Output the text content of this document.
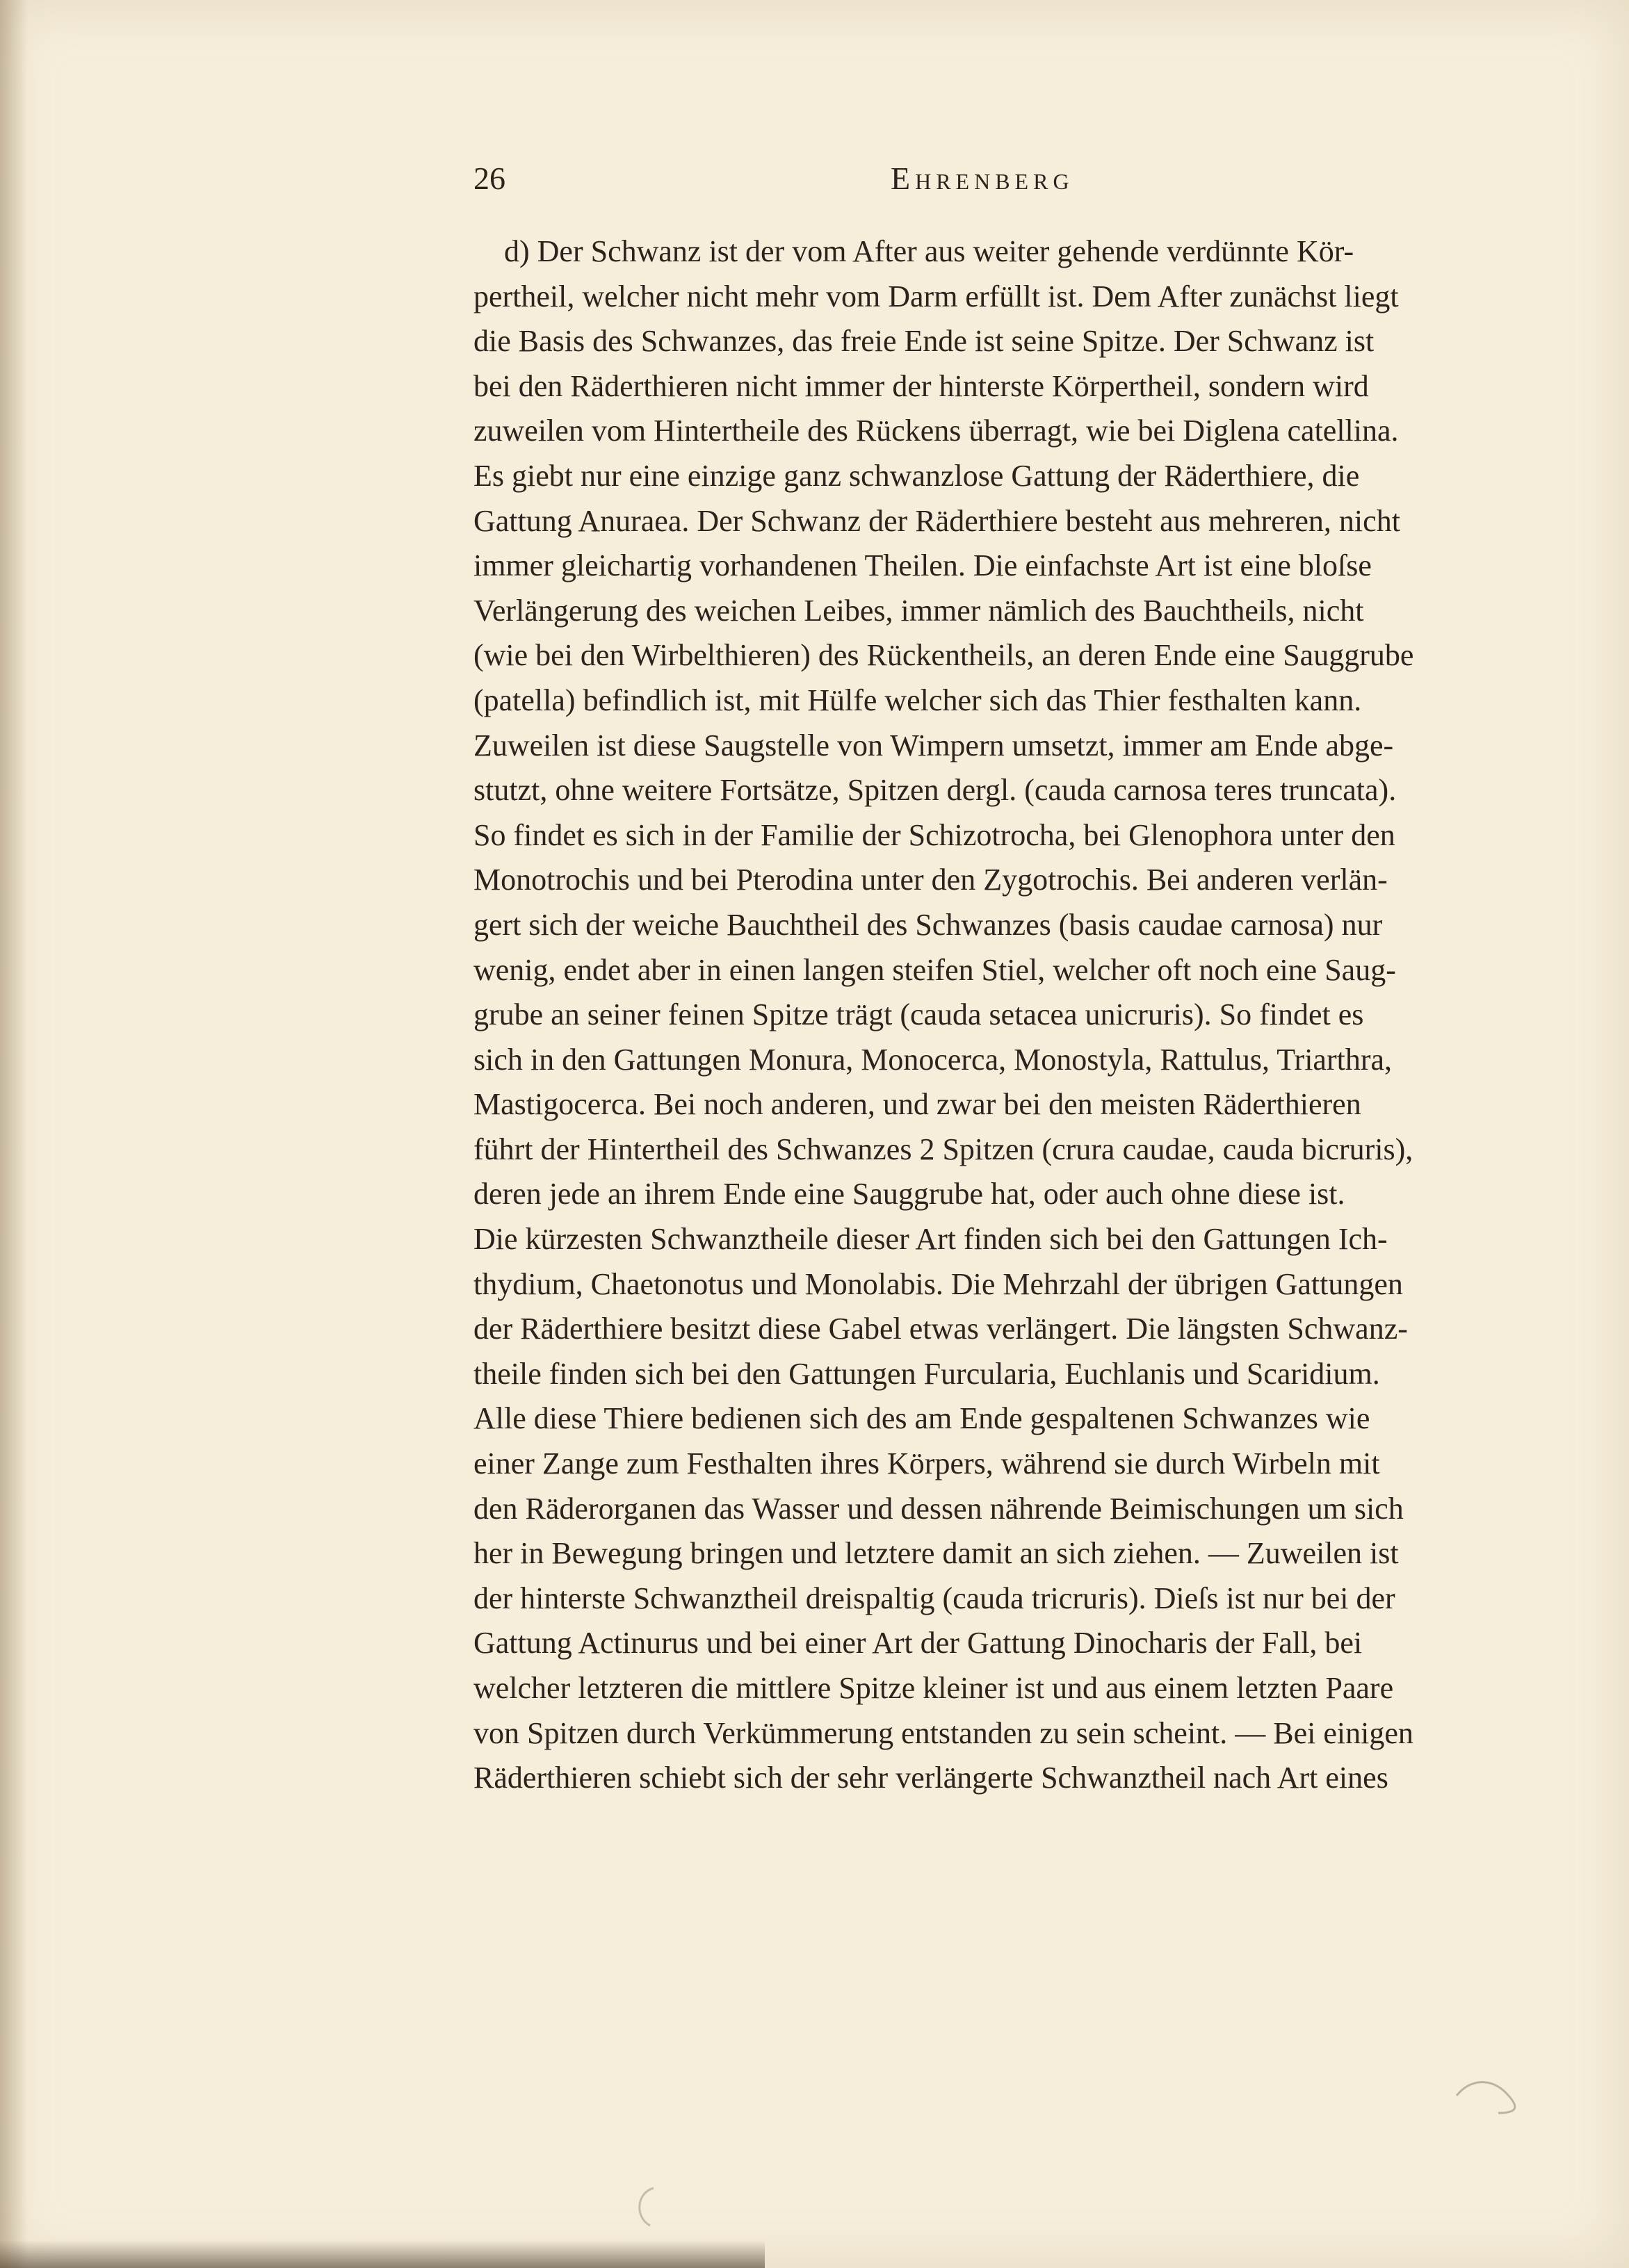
26	Ehrenberg
d) Der Schwanz ist der vom After aus weiter gehende verdünnte Kör-
pertheil, welcher nicht mehr vom Darm erfüllt ist. Dem After zunächst liegt
die Basis des Schwanzes, das freie Ende ist seine Spitze. Der Schwanz ist
bei den Räderthieren nicht immer der hinterste Körpertheil, sondern wird
zuweilen vom Hintertheile des Rückens überragt, wie bei Diglena catellina.
Es giebt nur eine einzige ganz schwanzlose Gattung der Räderthiere, die
Gattung Anuraea. Der Schwanz der Räderthiere besteht aus mehreren, nicht
immer gleichartig vorhandenen Theilen. Die einfachste Art ist eine bloſse
Verlängerung des weichen Leibes, immer nämlich des Bauchtheils, nicht
(wie bei den Wirbelthieren) des Rückentheils, an deren Ende eine Sauggrube
(patella) befindlich ist, mit Hülfe welcher sich das Thier festhalten kann.
Zuweilen ist diese Saugstelle von Wimpern umsetzt, immer am Ende abge-
stutzt, ohne weitere Fortsätze, Spitzen dergl. (cauda carnosa teres truncata).
So findet es sich in der Familie der Schizotrocha, bei Glenophora unter den
Monotrochis und bei Pterodina unter den Zygotrochis. Bei anderen verlän-
gert sich der weiche Bauchtheil des Schwanzes (basis caudae carnosa) nur
wenig, endet aber in einen langen steifen Stiel, welcher oft noch eine Saug-
grube an seiner feinen Spitze trägt (cauda setacea unicruris). So findet es
sich in den Gattungen Monura, Monocerca, Monostyla, Rattulus, Triarthra,
Mastigocerca. Bei noch anderen, und zwar bei den meisten Räderthieren
führt der Hintertheil des Schwanzes 2 Spitzen (crura caudae, cauda bicruris),
deren jede an ihrem Ende eine Sauggrube hat, oder auch ohne diese ist.
Die kürzesten Schwanztheile dieser Art finden sich bei den Gattungen Ich-
thydium, Chaetonotus und Monolabis. Die Mehrzahl der übrigen Gattungen
der Räderthiere besitzt diese Gabel etwas verlängert. Die längsten Schwanz-
theile finden sich bei den Gattungen Furcularia, Euchlanis und Scaridium.
Alle diese Thiere bedienen sich des am Ende gespaltenen Schwanzes wie
einer Zange zum Festhalten ihres Körpers, während sie durch Wirbeln mit
den Räderorganen das Wasser und dessen nährende Beimischungen um sich
her in Bewegung bringen und letztere damit an sich ziehen. — Zuweilen ist
der hinterste Schwanztheil dreispaltig (cauda tricruris). Dieſs ist nur bei der
Gattung Actinurus und bei einer Art der Gattung Dinocharis der Fall, bei
welcher letzteren die mittlere Spitze kleiner ist und aus einem letzten Paare
von Spitzen durch Verkümmerung entstanden zu sein scheint. — Bei einigen
Räderthieren schiebt sich der sehr verlängerte Schwanztheil nach Art eines
